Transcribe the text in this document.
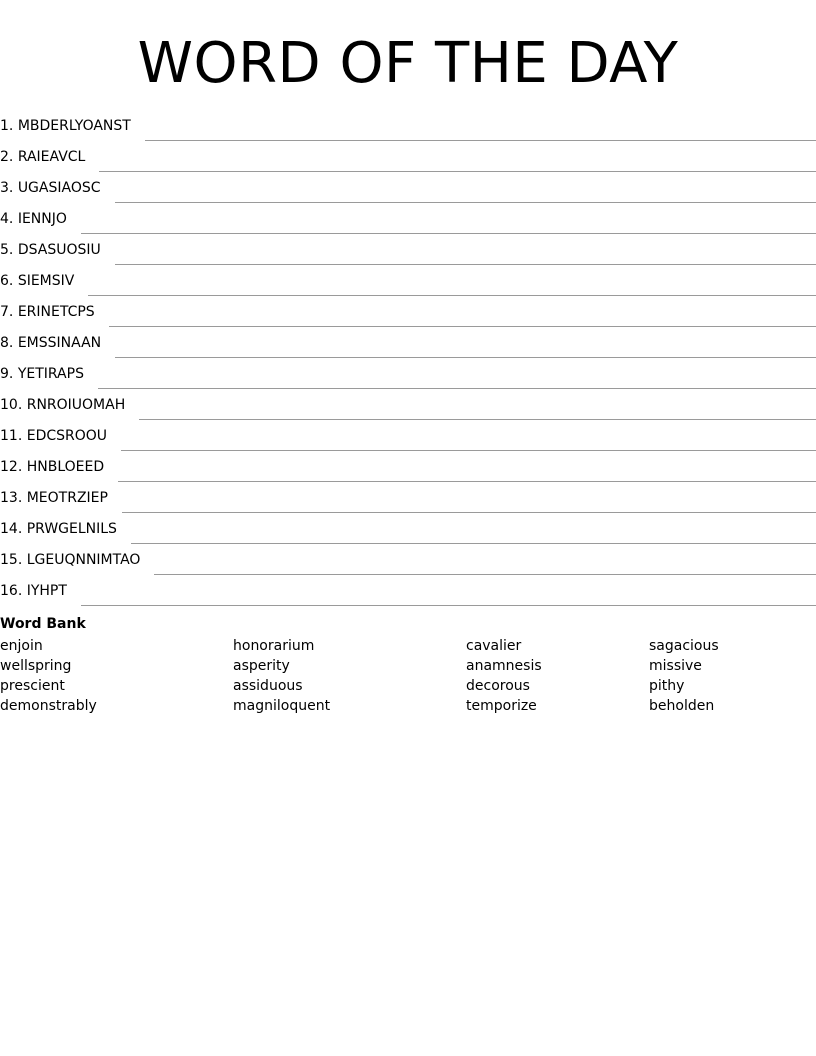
WORD OF THE DAY
1. MBDERLYOANST
2. RAIEAVCL
3. UGASIAOSC
4. IENNJO
5. DSASUOSIU
6. SIEMSIV
7. ERINETCPS
8. EMSSINAAN
9. YETIRAPS
10. RNROIUOMAH
11. EDCSROOU
12. HNBLOEED
13. MEOTRZIEP
14. PRWGELNILS
15. LGEUQNNIMTAO
16. IYHPT
Word Bank
enjoin
wellspring
prescient
demonstrably
honorarium
asperity
assiduous
magniloquent
cavalier
anamnesis
decorous
temporize
sagacious
missive
pithy
beholden
